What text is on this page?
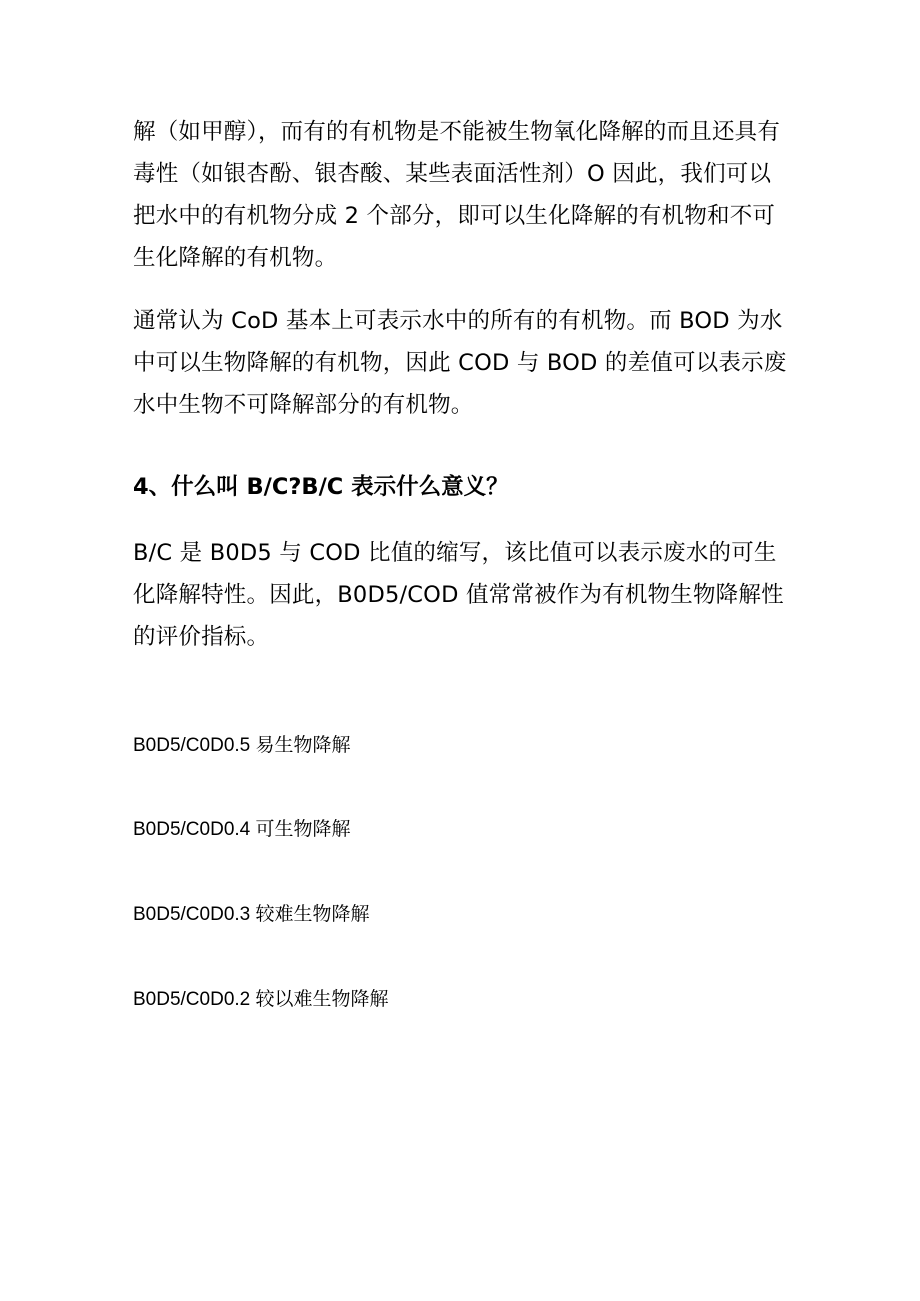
解（如甲醇），而有的有机物是不能被生物氧化降解的而且还具有毒性（如银杏酚、银杏酸、某些表面活性剂）O 因此，我们可以把水中的有机物分成 2 个部分，即可以生化降解的有机物和不可生化降解的有机物。

通常认为 CoD 基本上可表示水中的所有的有机物。而 BOD 为水中可以生物降解的有机物，因此 COD 与 BOD 的差值可以表示废水中生物不可降解部分的有机物。

4、什么叫 B/C?B/C 表示什么意义？

B/C 是 B0D5 与 COD 比值的缩写，该比值可以表示废水的可生化降解特性。因此，B0D5/COD 值常常被作为有机物生物降解性的评价指标。

B0D5/C0D0.5 易生物降解

B0D5/C0D0.4 可生物降解

B0D5/C0D0.3 较难生物降解

B0D5/C0D0.2 较以难生物降解
